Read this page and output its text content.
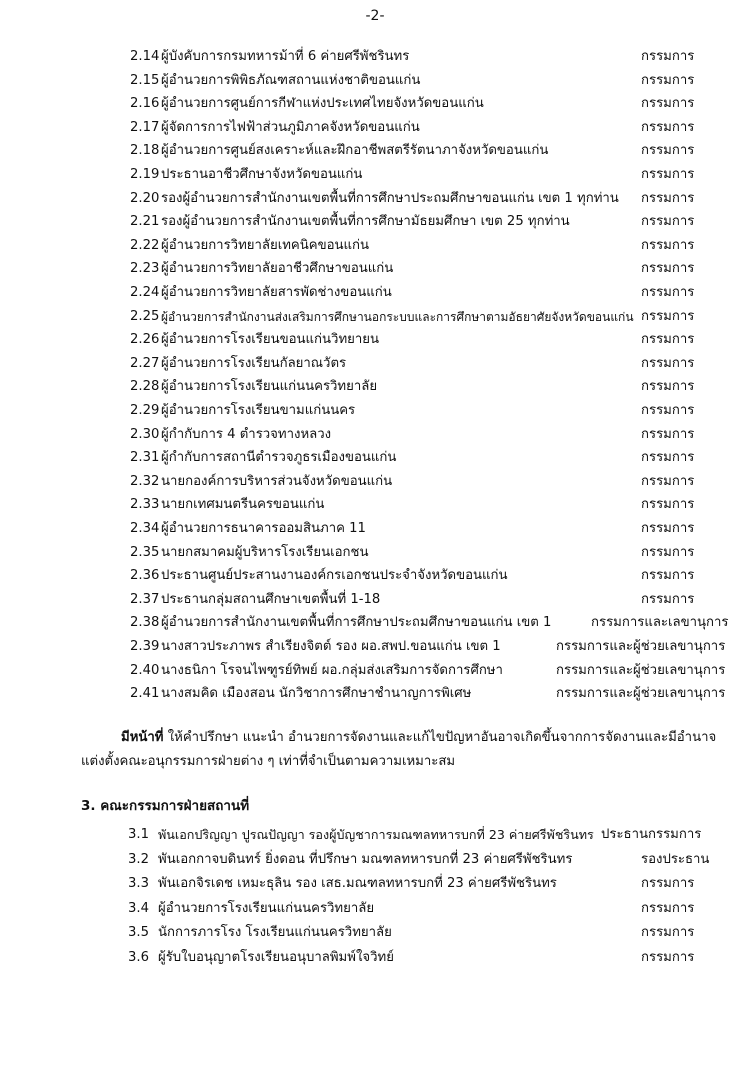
-2-
2.14 ผู้บังคับการกรมทหารม้าที่ 6 ค่ายศรีพัชรินทร	กรรมการ
2.15 ผู้อำนวยการพิพิธภัณฑสถานแห่งชาติขอนแก่น	กรรมการ
2.16 ผู้อำนวยการศูนย์การกีฬาแห่งประเทศไทยจังหวัดขอนแก่น	กรรมการ
2.17 ผู้จัดการการไฟฟ้าส่วนภูมิภาคจังหวัดขอนแก่น	กรรมการ
2.18 ผู้อำนวยการศูนย์สงเคราะห์และฝึกอาชีพสตรีรัตนาภาจังหวัดขอนแก่น	กรรมการ
2.19 ประธานอาชีวศึกษาจังหวัดขอนแก่น	กรรมการ
2.20 รองผู้อำนวยการสำนักงานเขตพื้นที่การศึกษาประถมศึกษาขอนแก่น เขต 1 ทุกท่าน กรรมการ
2.21 รองผู้อำนวยการสำนักงานเขตพื้นที่การศึกษามัธยมศึกษา เขต 25 ทุกท่าน	กรรมการ
2.22 ผู้อำนวยการวิทยาลัยเทคนิคขอนแก่น	กรรมการ
2.23 ผู้อำนวยการวิทยาลัยอาชีวศึกษาขอนแก่น	กรรมการ
2.24 ผู้อำนวยการวิทยาลัยสารพัดช่างขอนแก่น	กรรมการ
2.25 ผู้อำนวยการสำนักงานส่งเสริมการศึกษานอกระบบและการศึกษาตามอัธยาศัยจังหวัดขอนแก่น กรรมการ
2.26 ผู้อำนวยการโรงเรียนขอนแก่นวิทยายน	กรรมการ
2.27 ผู้อำนวยการโรงเรียนกัลยาณวัตร	กรรมการ
2.28 ผู้อำนวยการโรงเรียนแก่นนครวิทยาลัย	กรรมการ
2.29 ผู้อำนวยการโรงเรียนขามแก่นนคร	กรรมการ
2.30 ผู้กำกับการ 4 ตำรวจทางหลวง	กรรมการ
2.31 ผู้กำกับการสถานีตำรวจภูธรเมืองขอนแก่น	กรรมการ
2.32 นายกองค์การบริหารส่วนจังหวัดขอนแก่น	กรรมการ
2.33 นายกเทศมนตรีนครขอนแก่น	กรรมการ
2.34 ผู้อำนวยการธนาคารออมสินภาค 11	กรรมการ
2.35 นายกสมาคมผู้บริหารโรงเรียนเอกชน	กรรมการ
2.36 ประธานศูนย์ประสานงานองค์กรเอกชนประจำจังหวัดขอนแก่น	กรรมการ
2.37 ประธานกลุ่มสถานศึกษาเขตพื้นที่ 1-18	กรรมการ
2.38 ผู้อำนวยการสำนักงานเขตพื้นที่การศึกษาประถมศึกษาขอนแก่น เขต 1	กรรมการและเลขานุการ
2.39 นางสาวประภาพร สำเรียงจิตต์ รอง ผอ.สพป.ขอนแก่น เขต 1	กรรมการและผู้ช่วยเลขานุการ
2.40 นางธนิกา โรจนไพฑูรย์ทิพย์ ผอ.กลุ่มส่งเสริมการจัดการศึกษา	กรรมการและผู้ช่วยเลขานุการ
2.41 นางสมคิด เมืองสอน นักวิชาการศึกษาชำนาญการพิเศษ	กรรมการและผู้ช่วยเลขานุการ
มีหน้าที่ ให้คำปรึกษา แนะนำ อำนวยการจัดงานและแก้ไขปัญหาอันอาจเกิดขึ้นจากการจัดงานและมีอำนาจ
แต่งตั้งคณะอนุกรรมการฝ่ายต่าง ๆ เท่าที่จำเป็นตามความเหมาะสม
3. คณะกรรมการฝ่ายสถานที่
3.1 พันเอกปริญญา ปูรณปัญญา รองผู้บัญชาการมณฑลทหารบกที่ 23 ค่ายศรีพัชรินทร ประธานกรรมการ
3.2 พันเอกกาจบดินทร์ ยิ่งดอน ที่ปรึกษา มณฑลทหารบกที่ 23 ค่ายศรีพัชรินทร	รองประธาน
3.3 พันเอกจิรเดช เหมะธุลิน รอง เสธ.มณฑลทหารบกที่ 23 ค่ายศรีพัชรินทร	กรรมการ
3.4 ผู้อำนวยการโรงเรียนแก่นนครวิทยาลัย	กรรมการ
3.5 นักการภารโรง โรงเรียนแก่นนครวิทยาลัย	กรรมการ
3.6 ผู้รับใบอนุญาตโรงเรียนอนุบาลพิมพ์ใจวิทย์	กรรมการ
